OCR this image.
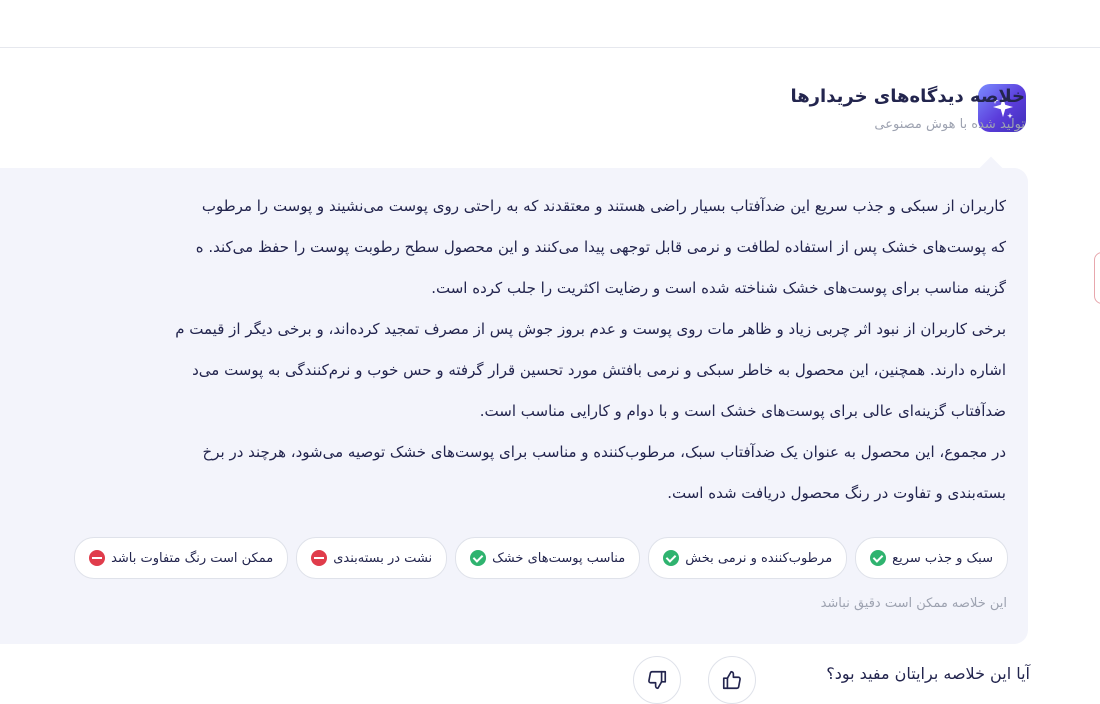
خلاصه دیدگاه‌های خریدارها
تولید شده با هوش مصنوعی
کاربران از سبکی و جذب سریع این ضدآفتاب بسیار راضی هستند و معتقدند که به راحتی روی پوست می‌نشیند و پوست را مرطوب
که پوست‌های خشک پس از استفاده لطافت و نرمی قابل توجهی پیدا می‌کنند و این محصول سطح رطوبت پوست را حفظ می‌کند. ه
گزینه مناسب برای پوست‌های خشک شناخته شده است و رضایت اکثریت را جلب کرده است.
برخی کاربران از نبود اثر چربی زیاد و ظاهر مات روی پوست و عدم بروز جوش پس از مصرف تمجید کرده‌اند، و برخی دیگر از قیمت م
اشاره دارند. همچنین، این محصول به خاطر سبکی و نرمی بافتش مورد تحسین قرار گرفته و حس خوب و نرم‌کنندگی به پوست می‌د
ضدآفتاب گزینه‌ای عالی برای پوست‌های خشک است و با دوام و کارایی مناسب است.
در مجموع، این محصول به عنوان یک ضدآفتاب سبک، مرطوب‌کننده و مناسب برای پوست‌های خشک توصیه می‌شود، هرچند در برخ
بسته‌بندی و تفاوت در رنگ محصول دریافت شده است.
سبک و جذب سریع
مرطوب‌کننده و نرمی بخش
مناسب پوست‌های خشک
نشت در بسته‌بندی
ممکن است رنگ متفاوت باشد
این خلاصه ممکن است دقیق نباشد
آیا این خلاصه برایتان مفید بود؟
